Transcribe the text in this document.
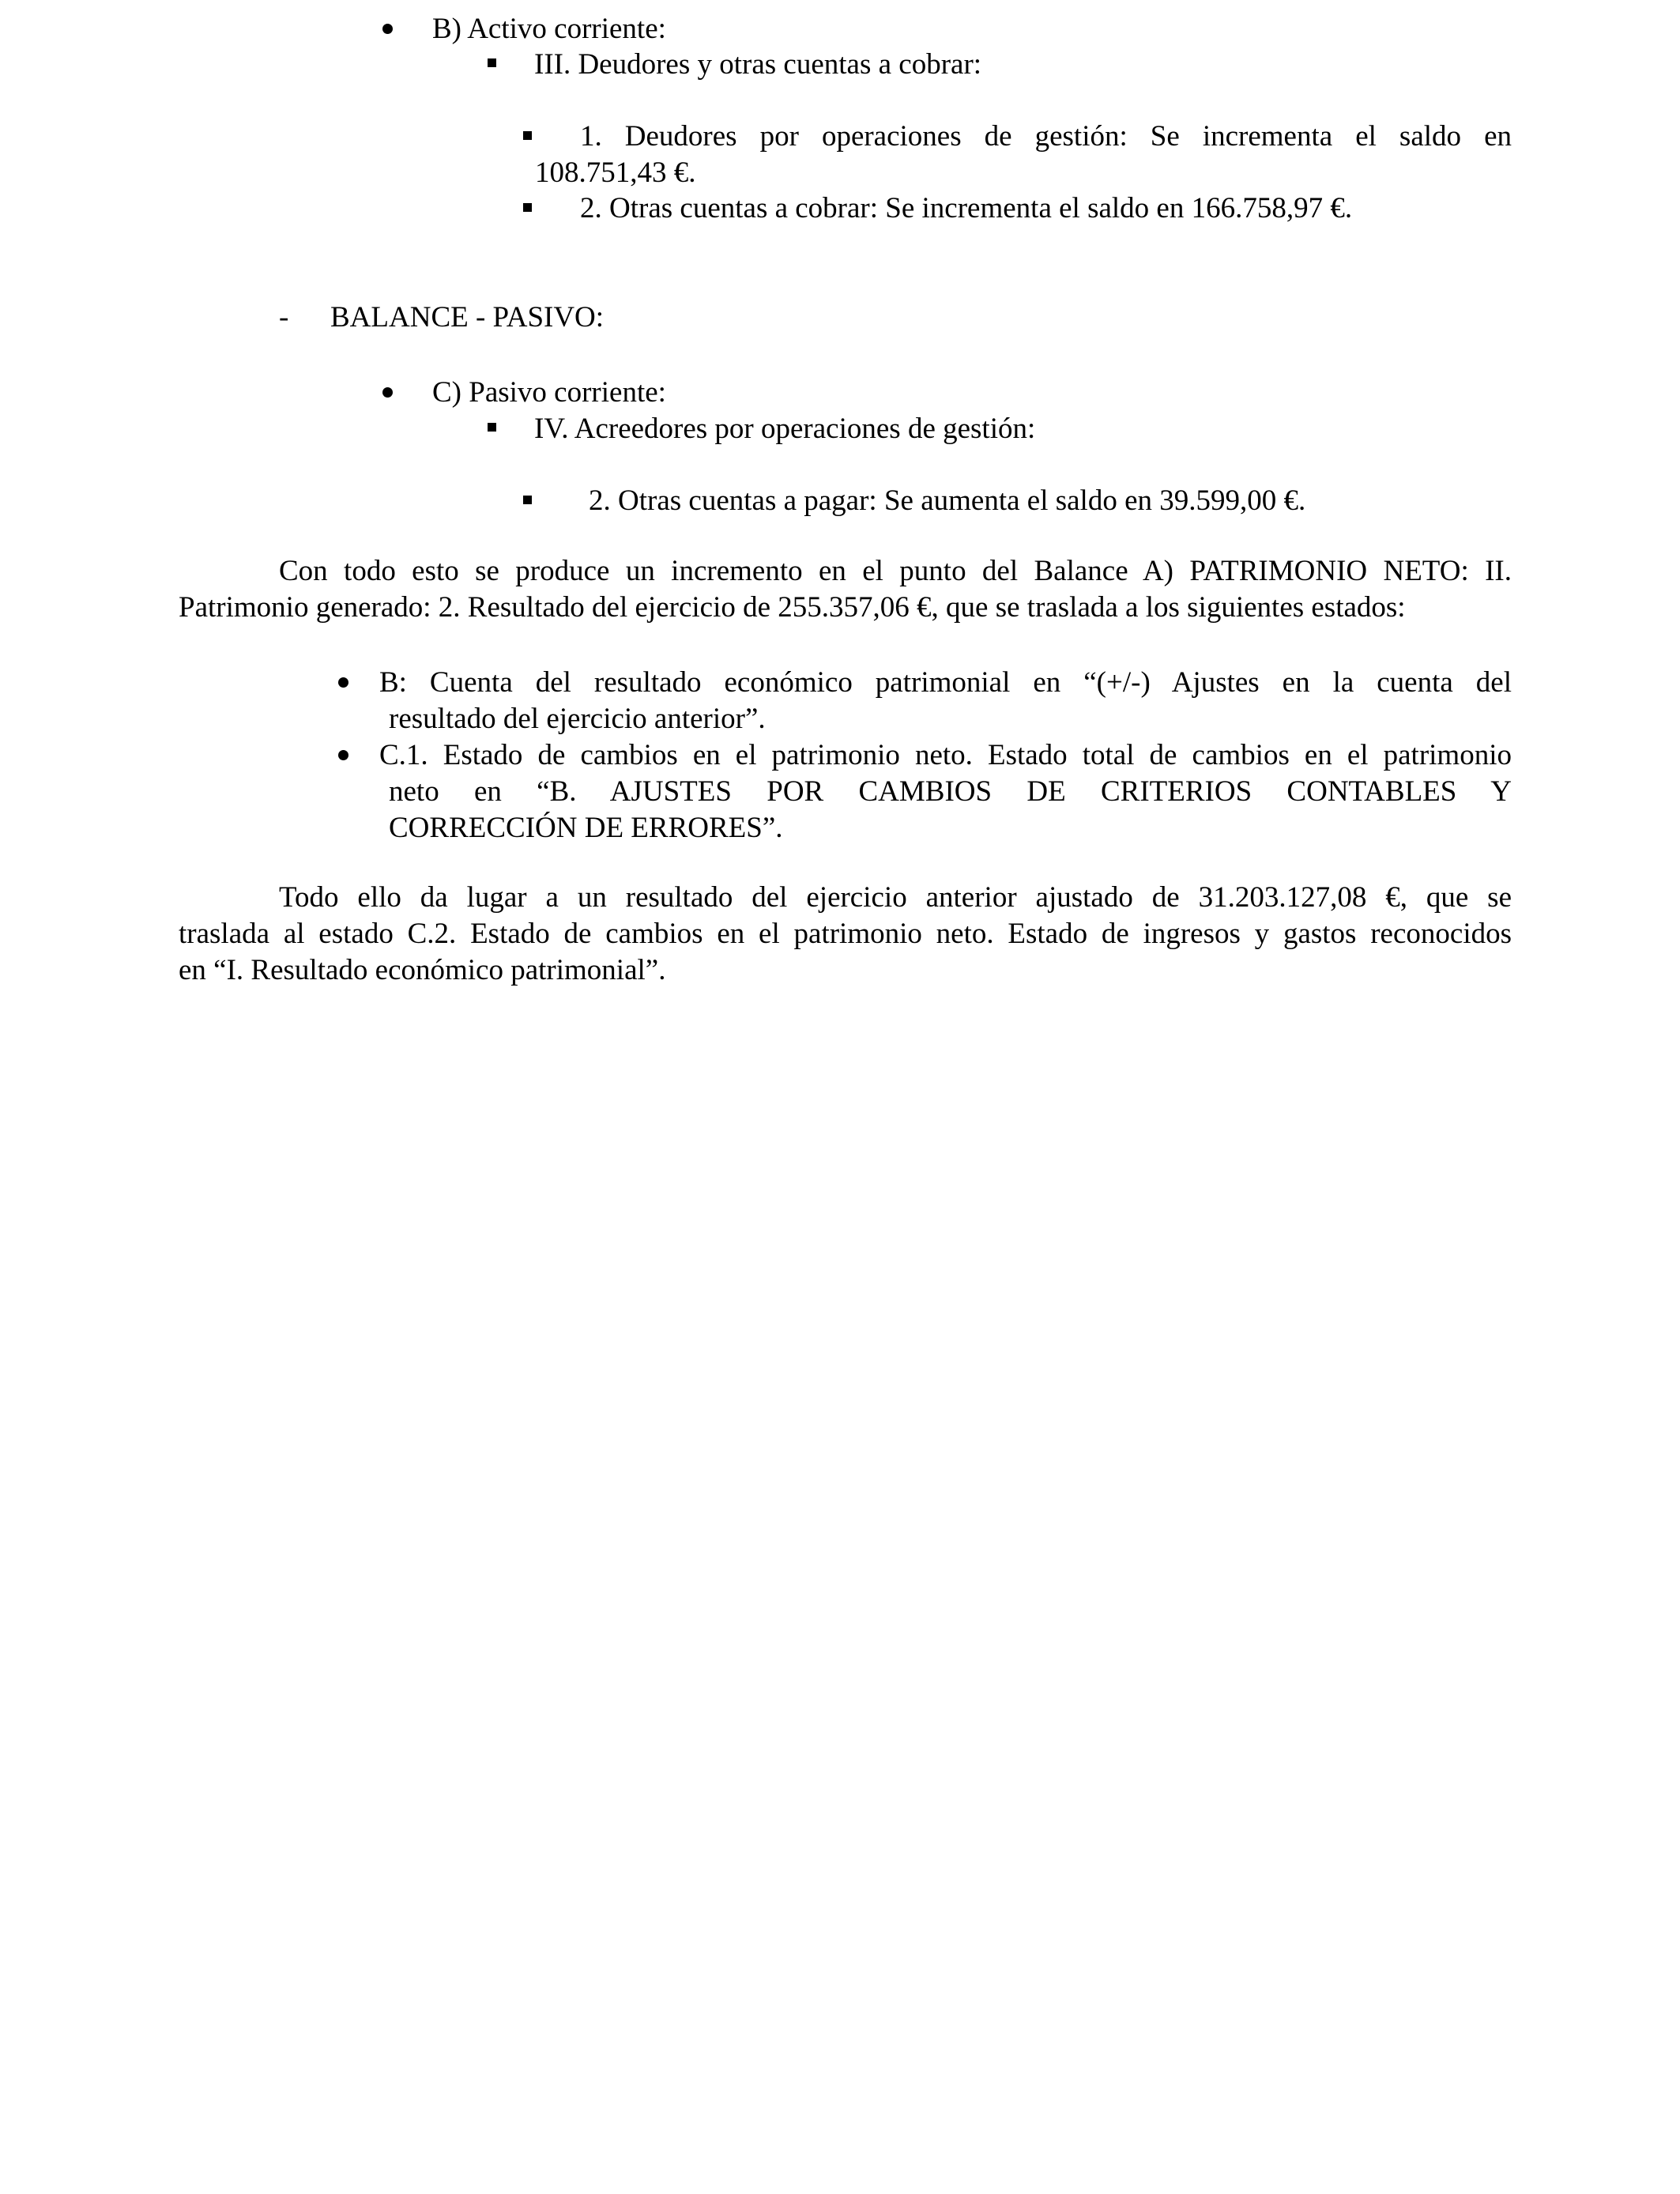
B) Activo corriente:
III. Deudores y otras cuentas a cobrar:
1. Deudores por operaciones de gestión: Se incrementa el saldo en
108.751,43 €.
2. Otras cuentas a cobrar: Se incrementa el saldo en 166.758,97 €.
- BALANCE - PASIVO:
C) Pasivo corriente:
IV. Acreedores por operaciones de gestión:
2. Otras cuentas a pagar: Se aumenta el saldo en 39.599,00 €.
Con todo esto se produce un incremento en el punto del Balance A) PATRIMONIO NETO: II.
Patrimonio generado: 2. Resultado del ejercicio de 255.357,06 €, que se traslada a los siguientes estados:
B: Cuenta del resultado económico patrimonial en “(+/-) Ajustes en la cuenta del
resultado del ejercicio anterior”.
C.1. Estado de cambios en el patrimonio neto. Estado total de cambios en el patrimonio
neto en “B. AJUSTES POR CAMBIOS DE CRITERIOS CONTABLES Y
CORRECCIÓN DE ERRORES”.
Todo ello da lugar a un resultado del ejercicio anterior ajustado de 31.203.127,08 €, que se
traslada al estado C.2. Estado de cambios en el patrimonio neto. Estado de ingresos y gastos reconocidos
en “I. Resultado económico patrimonial”.
